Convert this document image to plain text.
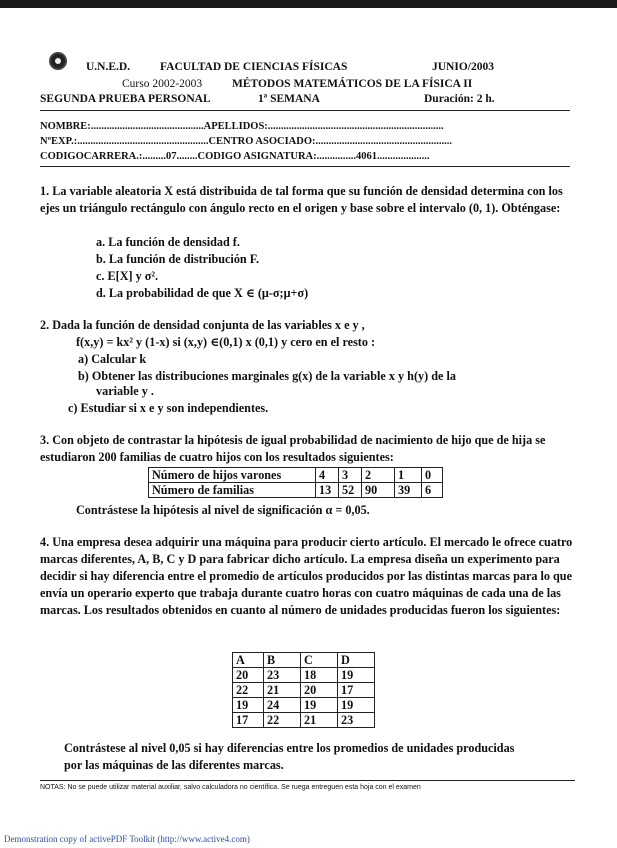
U.N.E.D.	FACULTAD DE CIENCIAS FÍSICAS	JUNIO/2003
Curso 2002-2003	MÉTODOS MATEMÁTICOS DE LA FÍSICA II
SEGUNDA PRUEBA PERSONAL	1ª SEMANA	Duración: 2 h.
NOMBRE:...........................................APELLIDOS:...................................................................
NºEXP.:..................................................CENTRO ASOCIADO:....................................................
CODIGOCARRERA.:.........07........CODIGO ASIGNATURA:...............4061....................
1. La variable aleatoria X está distribuida de tal forma que su función de densidad determina con los ejes un triángulo rectángulo con ángulo recto en el origen y base sobre el intervalo (0, 1). Obténgase:
a. La función de densidad f.
b. La función de distribución F.
c. E[X] y σ².
d. La probabilidad de que X ∈ (μ-σ;μ+σ)
2. Dada la función de densidad conjunta de las variables x e y ,
f(x,y) = kx² y (1-x) si (x,y) ∈(0,1) x (0,1) y cero en el resto :
a) Calcular k
b) Obtener las distribuciones marginales g(x) de la variable x y h(y) de la
variable y .
c) Estudiar si x e y son independientes.
3. Con objeto de contrastar la hipótesis de igual probabilidad de nacimiento de hijo que de hija se estudiaron 200 familias de cuatro hijos con los resultados siguientes:
Número de hijos varones	4	3	2	1	0
Número de familias	13	52	90	39	6
Contrástese la hipótesis al nivel de significación α = 0,05.
4. Una empresa desea adquirir una máquina para producir cierto artículo. El mercado le ofrece cuatro marcas diferentes, A, B, C y D para fabricar dicho artículo. La empresa diseña un experimento para decidir si hay diferencia entre el promedio de artículos producidos por las distintas marcas para lo que envía un operario experto que trabaja durante cuatro horas con cuatro máquinas de cada una de las marcas. Los resultados obtenidos en cuanto al número de unidades producidas fueron los siguientes:
A	B	C	D
20	23	18	19
22	21	20	17
19	24	19	19
17	22	21	23
Contrástese al nivel 0,05 si hay diferencias entre los promedios de unidades producidas por las máquinas de las diferentes marcas.
NOTAS: No se puede utilizar material auxiliar, salvo calculadora no científica. Se ruega entreguen esta hoja con el examen
Demonstration copy of activePDF Toolkit (http://www.active4.com)
